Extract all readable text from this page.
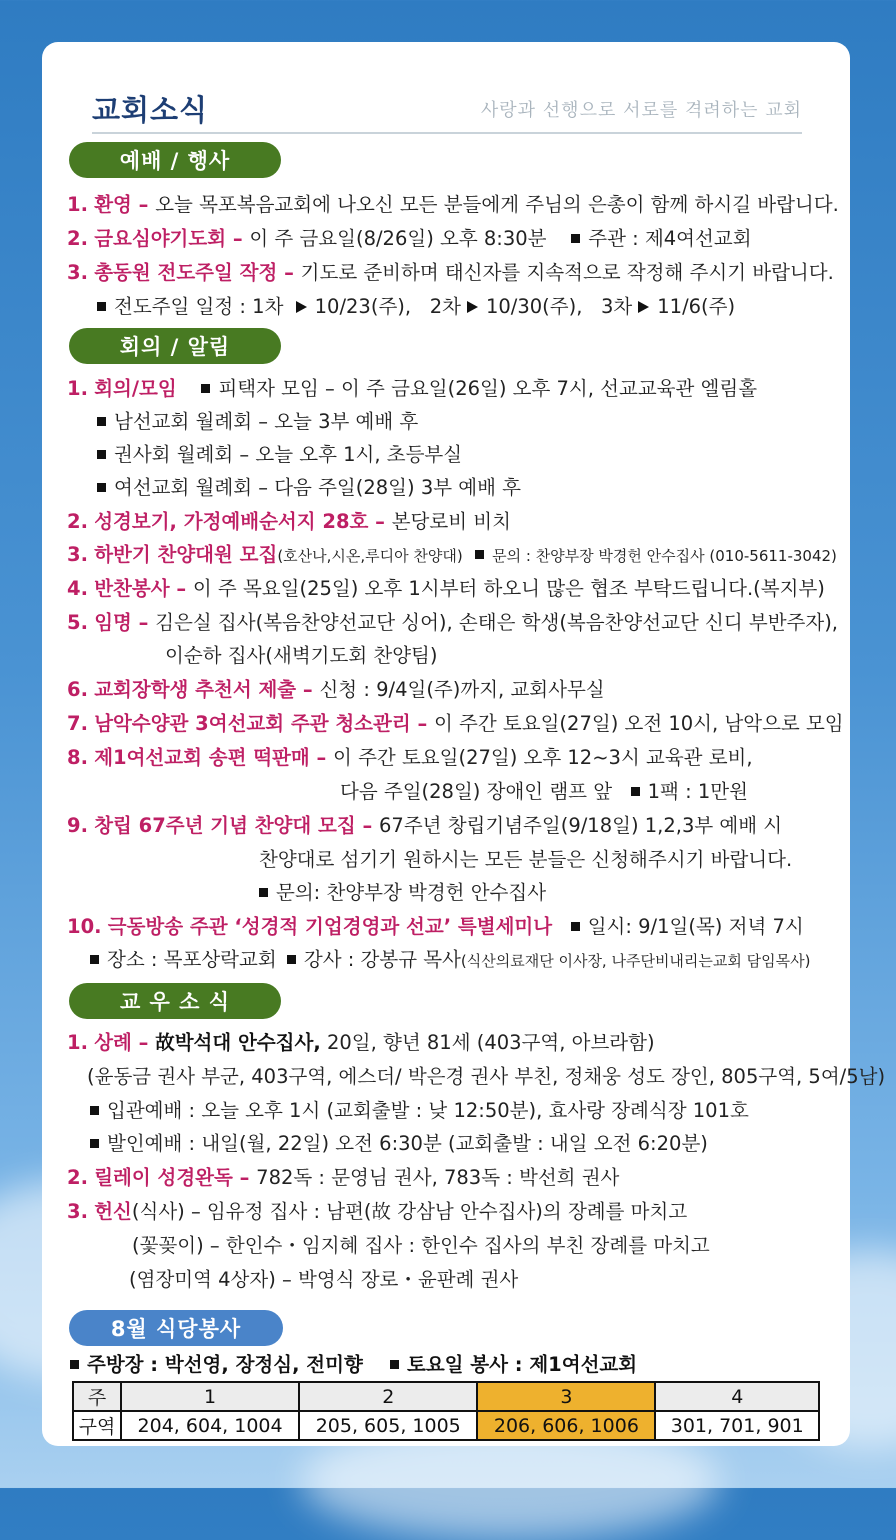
교회소식	사랑과 선행으로 서로를 격려하는 교회
예배 / 행사
1. 환영 – 오늘 목포복음교회에 나오신 모든 분들에게 주님의 은총이 함께 하시길 바랍니다.
2. 금요심야기도회 – 이 주 금요일(8/26일) 오후 8:30분 주관 : 제4여선교회
3. 총동원 전도주일 작정 – 기도로 준비하며 태신자를 지속적으로 작정해 주시기 바랍니다.
전도주일 일정 : 1차 10/23(주), 2차 10/30(주), 3차 11/6(주)
회의 / 알림
1. 회의/모임 피택자 모임 – 이 주 금요일(26일) 오후 7시, 선교교육관 엘림홀
남선교회 월례회 – 오늘 3부 예배 후
권사회 월례회 – 오늘 오후 1시, 초등부실
여선교회 월례회 – 다음 주일(28일) 3부 예배 후
2. 성경보기, 가정예배순서지 28호 – 본당로비 비치
3. 하반기 찬양대원 모집(호산나,시온,루디아 찬양대) 문의 : 찬양부장 박경헌 안수집사 (010-5611-3042)
4. 반찬봉사 – 이 주 목요일(25일) 오후 1시부터 하오니 많은 협조 부탁드립니다.(복지부)
5. 임명 – 김은실 집사(복음찬양선교단 싱어), 손태은 학생(복음찬양선교단 신디 부반주자),
이순하 집사(새벽기도회 찬양팀)
6. 교회장학생 추천서 제출 – 신청 : 9/4일(주)까지, 교회사무실
7. 남악수양관 3여선교회 주관 청소관리 – 이 주간 토요일(27일) 오전 10시, 남악으로 모임
8. 제1여선교회 송편 떡판매 – 이 주간 토요일(27일) 오후 12~3시 교육관 로비,
다음 주일(28일) 장애인 램프 앞 1팩 : 1만원
9. 창립 67주년 기념 찬양대 모집 – 67주년 창립기념주일(9/18일) 1,2,3부 예배 시
찬양대로 섬기기 원하시는 모든 분들은 신청해주시기 바랍니다.
문의: 찬양부장 박경헌 안수집사
10. 극동방송 주관 ‘성경적 기업경영과 선교’ 특별세미나 일시: 9/1일(목) 저녁 7시
장소 : 목포상락교회 강사 : 강봉규 목사(식산의료재단 이사장, 나주단비내리는교회 담임목사)
교 우 소 식
1. 상례 – 故박석대 안수집사, 20일, 향년 81세 (403구역, 아브라함)
(윤동금 권사 부군, 403구역, 에스더/ 박은경 권사 부친, 정채웅 성도 장인, 805구역, 5여/5남)
입관예배 : 오늘 오후 1시 (교회출발 : 낮 12:50분), 효사랑 장례식장 101호
발인예배 : 내일(월, 22일) 오전 6:30분 (교회출발 : 내일 오전 6:20분)
2. 릴레이 성경완독 – 782독 : 문영님 권사, 783독 : 박선희 권사
3. 헌신(식사) – 임유정 집사 : 남편(故 강삼남 안수집사)의 장례를 마치고
(꽃꽂이) – 한인수・임지혜 집사 : 한인수 집사의 부친 장례를 마치고
(염장미역 4상자) – 박영식 장로・윤판례 권사
8월 식당봉사
주방장 : 박선영, 장정심, 전미향 토요일 봉사 : 제1여선교회
주	1	2	3	4
구역	204, 604, 1004	205, 605, 1005	206, 606, 1006	301, 701, 901
